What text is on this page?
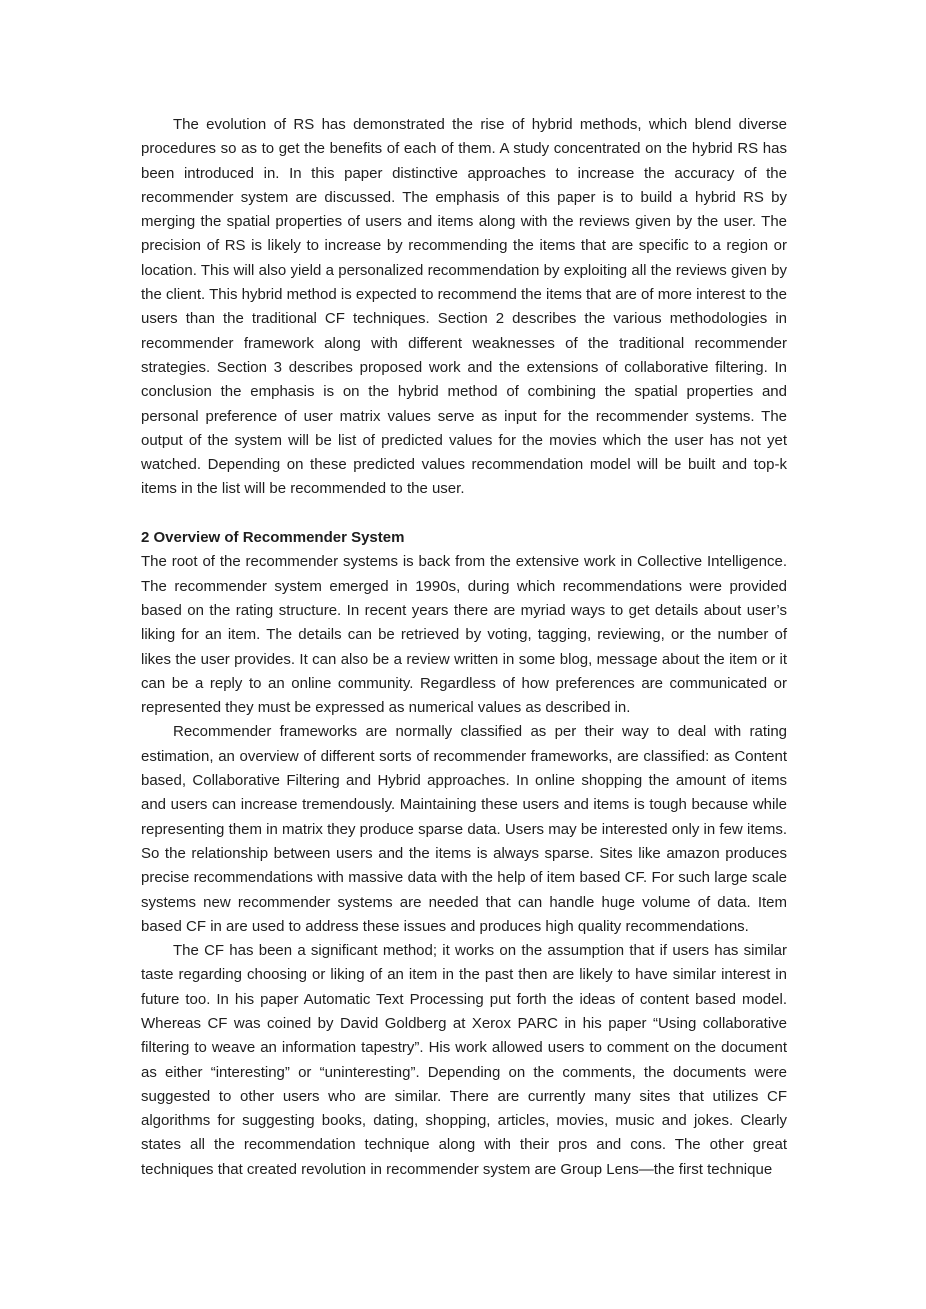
The evolution of RS has demonstrated the rise of hybrid methods, which blend diverse procedures so as to get the benefits of each of them. A study concentrated on the hybrid RS has been introduced in. In this paper distinctive approaches to increase the accuracy of the recommender system are discussed. The emphasis of this paper is to build a hybrid RS by merging the spatial properties of users and items along with the reviews given by the user. The precision of RS is likely to increase by recommending the items that are specific to a region or location. This will also yield a personalized recommendation by exploiting all the reviews given by the client. This hybrid method is expected to recommend the items that are of more interest to the users than the traditional CF techniques. Section 2 describes the various methodologies in recommender framework along with different weaknesses of the traditional recommender strategies. Section 3 describes proposed work and the extensions of collaborative filtering. In conclusion the emphasis is on the hybrid method of combining the spatial properties and personal preference of user matrix values serve as input for the recommender systems. The output of the system will be list of predicted values for the movies which the user has not yet watched. Depending on these predicted values recommendation model will be built and top-k items in the list will be recommended to the user.

2 Overview of Recommender System

The root of the recommender systems is back from the extensive work in Collective Intelligence. The recommender system emerged in 1990s, during which recommendations were provided based on the rating structure. In recent years there are myriad ways to get details about user’s liking for an item. The details can be retrieved by voting, tagging, reviewing, or the number of likes the user provides. It can also be a review written in some blog, message about the item or it can be a reply to an online community. Regardless of how preferences are communicated or represented they must be expressed as numerical values as described in.

Recommender frameworks are normally classified as per their way to deal with rating estimation, an overview of different sorts of recommender frameworks, are classified: as Content based, Collaborative Filtering and Hybrid approaches. In online shopping the amount of items and users can increase tremendously. Maintaining these users and items is tough because while representing them in matrix they produce sparse data. Users may be interested only in few items. So the relationship between users and the items is always sparse. Sites like amazon produces precise recommendations with massive data with the help of item based CF. For such large scale systems new recommender systems are needed that can handle huge volume of data. Item based CF in are used to address these issues and produces high quality recommendations.

The CF has been a significant method; it works on the assumption that if users has similar taste regarding choosing or liking of an item in the past then are likely to have similar interest in future too. In his paper Automatic Text Processing put forth the ideas of content based model. Whereas CF was coined by David Goldberg at Xerox PARC in his paper “Using collaborative filtering to weave an information tapestry”. His work allowed users to comment on the document as either “interesting” or “uninteresting”. Depending on the comments, the documents were suggested to other users who are similar. There are currently many sites that utilizes CF algorithms for suggesting books, dating, shopping, articles, movies, music and jokes. Clearly states all the recommendation technique along with their pros and cons. The other great techniques that created revolution in recommender system are Group Lens—the first technique
